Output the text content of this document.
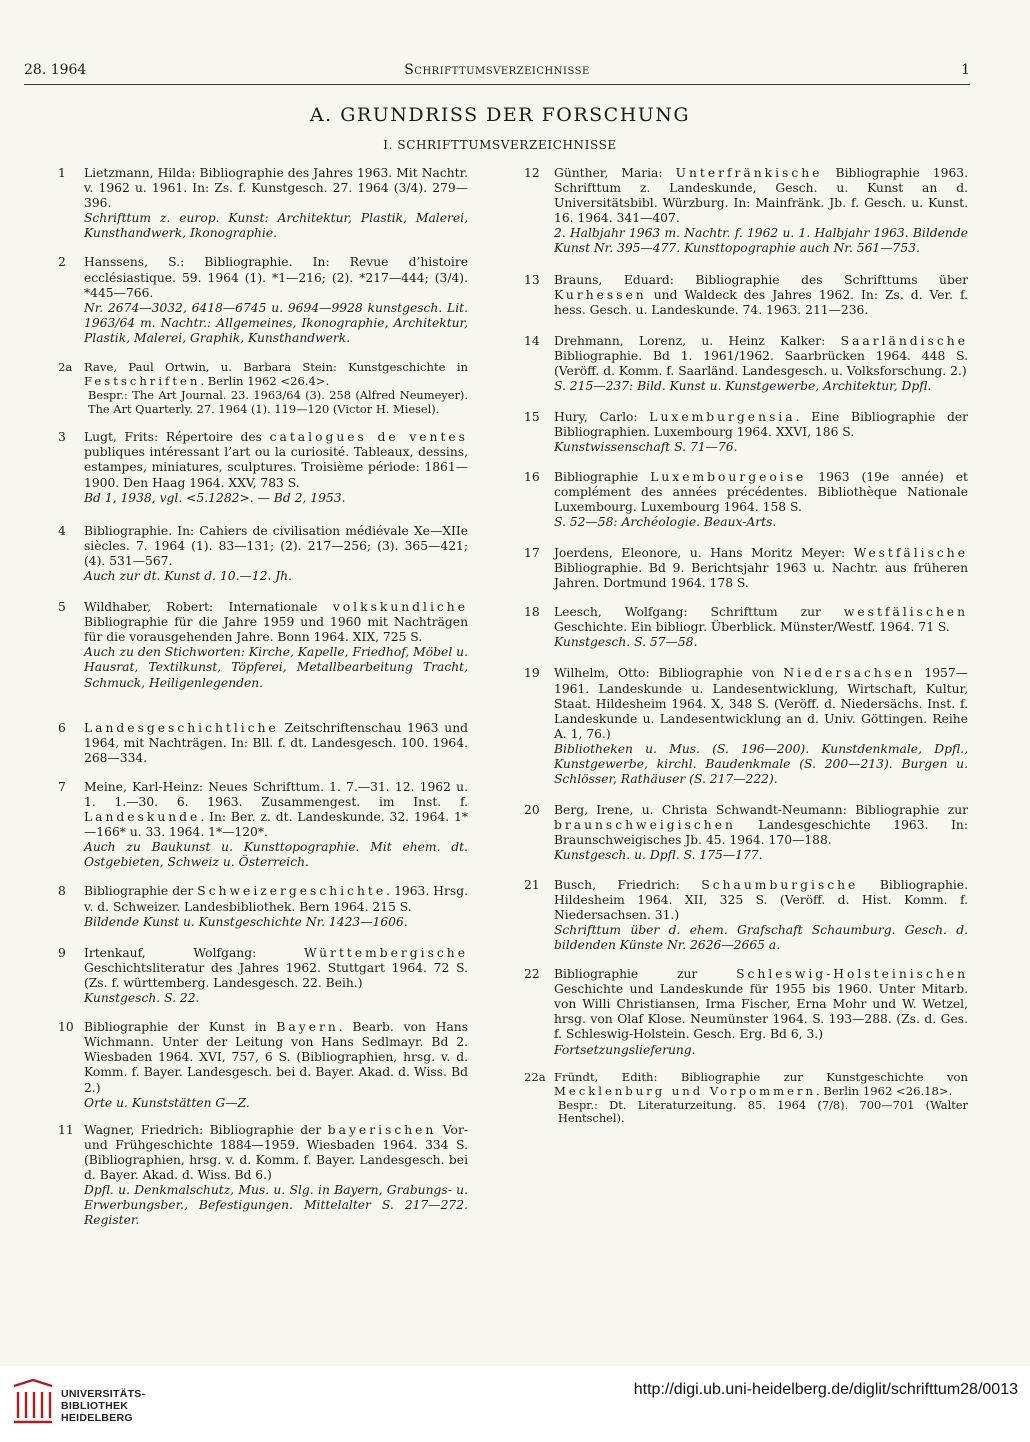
28. 1964	Schrifttumsverzeichnisse	1
A. GRUNDRISS DER FORSCHUNG
I. SCHRIFTTUMSVERZEICHNISSE
1 Lietzmann, Hilda: Bibliographie des Jahres 1963. Mit Nachtr. v. 1962 u. 1961. In: Zs. f. Kunstgesch. 27. 1964 (3/4). 279—396.
Schrifttum z. europ. Kunst: Architektur, Plastik, Malerei, Kunsthandwerk, Ikonographie.
2 Hanssens, S.: Bibliographie. In: Revue d’histoire ecclésiastique. 59. 1964 (1). *1—216; (2). *217—444; (3/4). *445—766.
Nr. 2674—3032, 6418—6745 u. 9694—9928 kunstgesch. Lit. 1963/64 m. Nachtr.: Allgemeines, Ikonographie, Architektur, Plastik, Malerei, Graphik, Kunsthandwerk.
2a Rave, Paul Ortwin, u. Barbara Stein: Kunstgeschichte in Festschriften. Berlin 1962 <26.4>.
Bespr.: The Art Journal. 23. 1963/64 (3). 258 (Alfred Neumeyer). The Art Quarterly. 27. 1964 (1). 119—120 (Victor H. Miesel).
3 Lugt, Frits: Répertoire des catalogues de ventes publiques intéressant l’art ou la curiosité. Tableaux, dessins, estampes, miniatures, sculptures. Troisième période: 1861—1900. Den Haag 1964. XXV, 783 S.
Bd 1, 1938, vgl. <5.1282>. — Bd 2, 1953.
4 Bibliographie. In: Cahiers de civilisation médiévale Xe—XIIe siècles. 7. 1964 (1). 83—131; (2). 217—256; (3). 365—421; (4). 531—567.
Auch zur dt. Kunst d. 10.—12. Jh.
5 Wildhaber, Robert: Internationale volkskundliche Bibliographie für die Jahre 1959 und 1960 mit Nachträgen für die vorausgehenden Jahre. Bonn 1964. XIX, 725 S.
Auch zu den Stichworten: Kirche, Kapelle, Friedhof, Möbel u. Hausrat, Textilkunst, Töpferei, Metallbearbeitung Tracht, Schmuck, Heiligenlegenden.
6 Landesgeschichtliche Zeitschriftenschau 1963 und 1964, mit Nachträgen. In: Bll. f. dt. Landesgesch. 100. 1964. 268—334.
7 Meine, Karl-Heinz: Neues Schrifttum. 1. 7.—31. 12. 1962 u. 1. 1.—30. 6. 1963. Zusammengest. im Inst. f. Landeskunde. In: Ber. z. dt. Landeskunde. 32. 1964. 1*—166* u. 33. 1964. 1*—120*.
Auch zu Baukunst u. Kunsttopographie. Mit ehem. dt. Ostgebieten, Schweiz u. Österreich.
8 Bibliographie der Schweizergeschichte. 1963. Hrsg. v. d. Schweizer. Landesbibliothek. Bern 1964. 215 S.
Bildende Kunst u. Kunstgeschichte Nr. 1423—1606.
9 Irtenkauf, Wolfgang: Württembergische Geschichtsliteratur des Jahres 1962. Stuttgart 1964. 72 S. (Zs. f. württemberg. Landesgesch. 22. Beih.)
Kunstgesch. S. 22.
10 Bibliographie der Kunst in Bayern. Bearb. von Hans Wichmann. Unter der Leitung von Hans Sedlmayr. Bd 2. Wiesbaden 1964. XVI, 757, 6 S. (Bibliographien, hrsg. v. d. Komm. f. Bayer. Landesgesch. bei d. Bayer. Akad. d. Wiss. Bd 2.)
Orte u. Kunststätten G—Z.
11 Wagner, Friedrich: Bibliographie der bayerischen Vor- und Frühgeschichte 1884—1959. Wiesbaden 1964. 334 S. (Bibliographien, hrsg. v. d. Komm. f. Bayer. Landesgesch. bei d. Bayer. Akad. d. Wiss. Bd 6.)
Dpfl. u. Denkmalschutz, Mus. u. Slg. in Bayern, Grabungs- u. Erwerbungsber., Befestigungen. Mittelalter S. 217—272. Register.
12 Günther, Maria: Unterfränkische Bibliographie 1963. Schrifttum z. Landeskunde, Gesch. u. Kunst an d. Universitätsbibl. Würzburg. In: Mainfränk. Jb. f. Gesch. u. Kunst. 16. 1964. 341—407.
2. Halbjahr 1963 m. Nachtr. f. 1962 u. 1. Halbjahr 1963. Bildende Kunst Nr. 395—477. Kunsttopographie auch Nr. 561—753.
13 Brauns, Eduard: Bibliographie des Schrifttums über Kurhessen und Waldeck des Jahres 1962. In: Zs. d. Ver. f. hess. Gesch. u. Landeskunde. 74. 1963. 211—236.
14 Drehmann, Lorenz, u. Heinz Kalker: Saarländische Bibliographie. Bd 1. 1961/1962. Saarbrücken 1964. 448 S. (Veröff. d. Komm. f. Saarländ. Landesgesch. u. Volksforschung. 2.)
S. 215—237: Bild. Kunst u. Kunstgewerbe, Architektur, Dpfl.
15 Hury, Carlo: Luxemburgensia. Eine Bibliographie der Bibliographien. Luxembourg 1964. XXVI, 186 S.
Kunstwissenschaft S. 71—76.
16 Bibliographie Luxembourgeoise 1963 (19e année) et complément des années précédentes. Bibliothèque Nationale Luxembourg. Luxembourg 1964. 158 S.
S. 52—58: Archéologie. Beaux-Arts.
17 Joerdens, Eleonore, u. Hans Moritz Meyer: Westfälische Bibliographie. Bd 9. Berichtsjahr 1963 u. Nachtr. aus früheren Jahren. Dortmund 1964. 178 S.
18 Leesch, Wolfgang: Schrifttum zur westfälischen Geschichte. Ein bibliogr. Überblick. Münster/Westf. 1964. 71 S.
Kunstgesch. S. 57—58.
19 Wilhelm, Otto: Bibliographie von Niedersachsen 1957—1961. Landeskunde u. Landesentwicklung, Wirtschaft, Kultur, Staat. Hildesheim 1964. X, 348 S. (Veröff. d. Niedersächs. Inst. f. Landeskunde u. Landesentwicklung an d. Univ. Göttingen. Reihe A. 1, 76.)
Bibliotheken u. Mus. (S. 196—200). Kunstdenkmale, Dpfl., Kunstgewerbe, kirchl. Baudenkmale (S. 200—213). Burgen u. Schlösser, Rathäuser (S. 217—222).
20 Berg, Irene, u. Christa Schwandt-Neumann: Bibliographie zur braunschweigischen Landesgeschichte 1963. In: Braunschweigisches Jb. 45. 1964. 170—188.
Kunstgesch. u. Dpfl. S. 175—177.
21 Busch, Friedrich: Schaumburgische Bibliographie. Hildesheim 1964. XII, 325 S. (Veröff. d. Hist. Komm. f. Niedersachsen. 31.)
Schrifttum über d. ehem. Grafschaft Schaumburg. Gesch. d. bildenden Künste Nr. 2626—2665 a.
22 Bibliographie zur Schleswig-Holsteinischen Geschichte und Landeskunde für 1955 bis 1960. Unter Mitarb. von Willi Christiansen, Irma Fischer, Erna Mohr und W. Wetzel, hrsg. von Olaf Klose. Neumünster 1964. S. 193—288. (Zs. d. Ges. f. Schleswig-Holstein. Gesch. Erg. Bd 6, 3.)
Fortsetzungslieferung.
22a Fründt, Edith: Bibliographie zur Kunstgeschichte von Mecklenburg und Vorpommern. Berlin 1962 <26.18>.
Bespr.: Dt. Literaturzeitung. 85. 1964 (7/8). 700—701 (Walter Hentschel).
UNIVERSITÄTS-
BIBLIOTHEK
HEIDELBERG
http://digi.ub.uni-heidelberg.de/diglit/schrifttum28/0013
